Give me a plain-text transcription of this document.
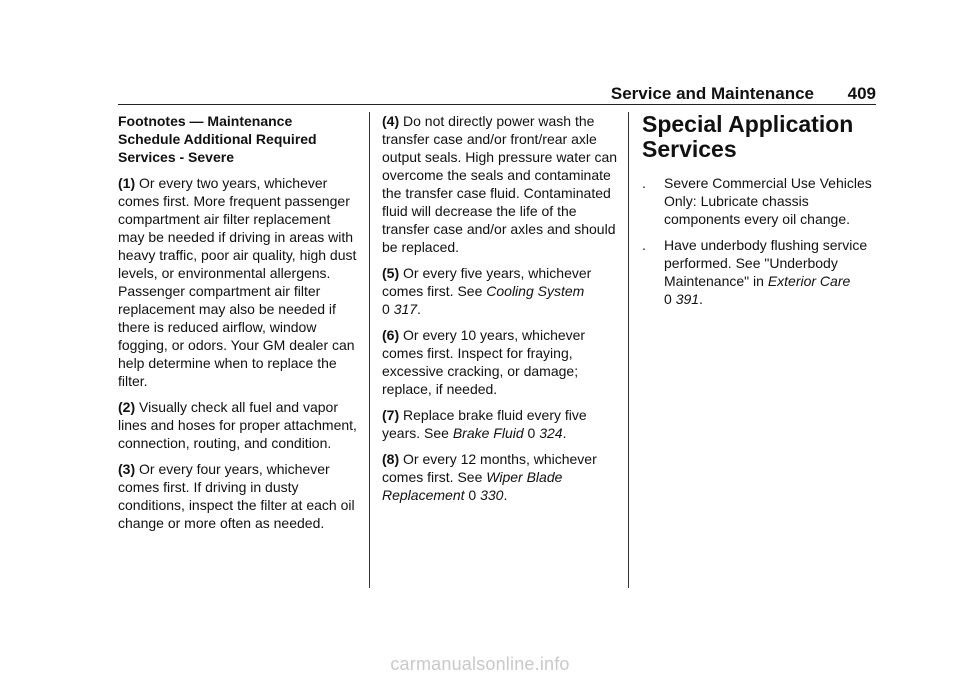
Service and Maintenance 409
Footnotes — Maintenance
Schedule Additional Required
Services - Severe

(1) Or every two years, whichever comes first. More frequent passenger compartment air filter replacement may be needed if driving in areas with heavy traffic, poor air quality, high dust levels, or environmental allergens. Passenger compartment air filter replacement may also be needed if there is reduced airflow, window fogging, or odors. Your GM dealer can help determine when to replace the filter.

(2) Visually check all fuel and vapor lines and hoses for proper attachment, connection, routing, and condition.

(3) Or every four years, whichever comes first. If driving in dusty conditions, inspect the filter at each oil change or more often as needed.

(4) Do not directly power wash the transfer case and/or front/rear axle output seals. High pressure water can overcome the seals and contaminate the transfer case fluid. Contaminated fluid will decrease the life of the transfer case and/or axles and should be replaced.

(5) Or every five years, whichever comes first. See Cooling System
0 317.

(6) Or every 10 years, whichever comes first. Inspect for fraying, excessive cracking, or damage; replace, if needed.

(7) Replace brake fluid every five years. See Brake Fluid 0 324.

(8) Or every 12 months, whichever comes first. See Wiper Blade Replacement 0 330.

Special Application
Services
. Severe Commercial Use Vehicles Only: Lubricate chassis components every oil change.
. Have underbody flushing service performed. See "Underbody Maintenance" in Exterior Care
0 391.
carmanualsonline.info
